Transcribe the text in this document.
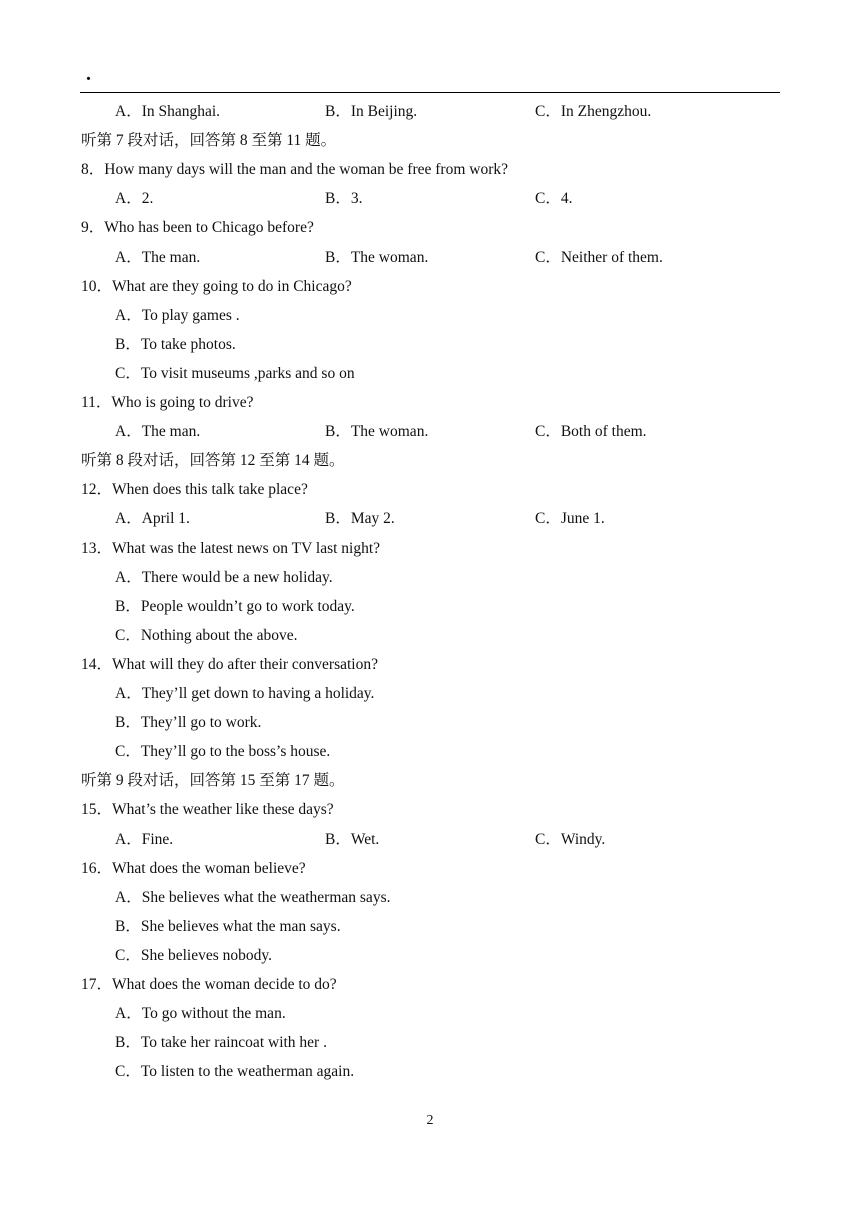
.
A．In Shanghai.	B．In Beijing.	C．In Zhengzhou.
听第 7 段对话，回答第 8 至第 11 题。
8．How many days will the man and the woman be free from work?
A．2.	B．3.	C．4.
9．Who has been to Chicago before?
A．The man.	B．The woman.	C．Neither of them.
10．What are they going to do in Chicago?
A．To play games .
B．To take photos.
C．To visit museums ,parks and so on
11．Who is going to drive?
A．The man.	B．The woman.	C．Both of them.
听第 8 段对话，回答第 12 至第 14 题。
12．When does this talk take place?
A．April 1.	B．May 2.	C．June 1.
13．What was the latest news on TV last night?
A．There would be a new holiday.
B．People wouldn’t go to work today.
C．Nothing about the above.
14．What will they do after their conversation?
A．They’ll get down to having a holiday.
B．They’ll go to work.
C．They’ll go to the boss’s house.
听第 9 段对话，回答第 15 至第 17 题。
15．What’s the weather like these days?
A．Fine.	B．Wet.	C．Windy.
16．What does the woman believe?
A．She believes what the weatherman says.
B．She believes what the man says.
C．She believes nobody.
17．What does the woman decide to do?
A．To go without the man.
B．To take her raincoat with her .
C．To listen to the weatherman again.
2
